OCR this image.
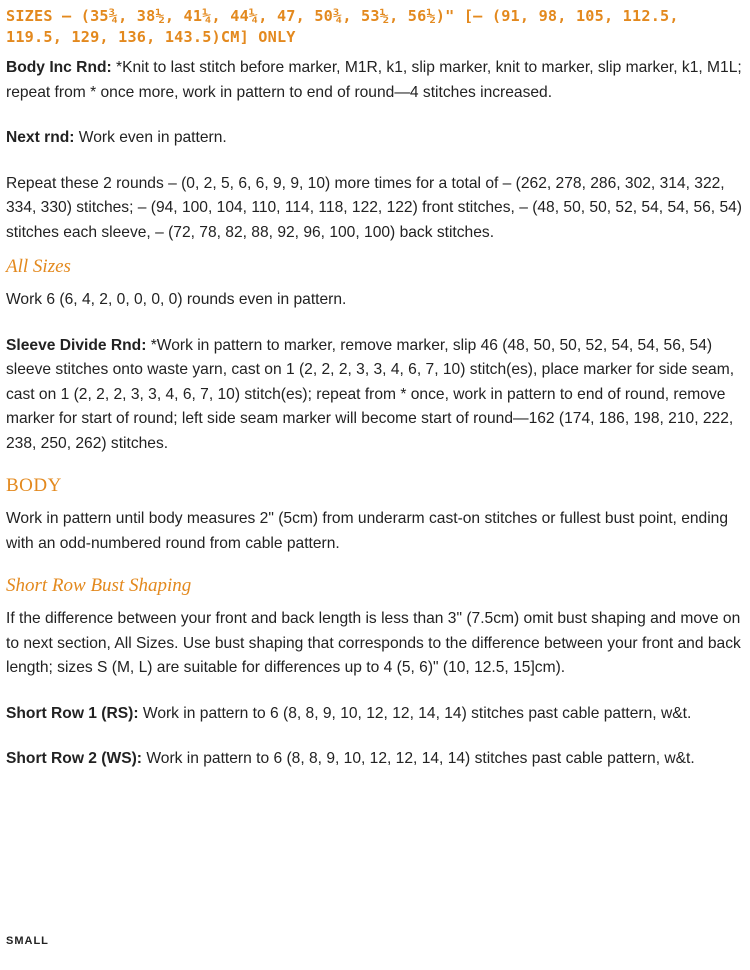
SIZES – (35¾, 38½, 41¼, 44¼, 47, 50¾, 53½, 56½)" [– (91, 98, 105, 112.5, 119.5, 129, 136, 143.5)CM] ONLY

Body Inc Rnd: *Knit to last stitch before marker, M1R, k1, slip marker, knit to marker, slip marker, k1, M1L; repeat from * once more, work in pattern to end of round—4 stitches increased.

Next rnd: Work even in pattern.

Repeat these 2 rounds – (0, 2, 5, 6, 6, 9, 9, 10) more times for a total of – (262, 278, 286, 302, 314, 322, 334, 330) stitches; – (94, 100, 104, 110, 114, 118, 122, 122) front stitches, – (48, 50, 50, 52, 54, 54, 56, 54) stitches each sleeve, – (72, 78, 82, 88, 92, 96, 100, 100) back stitches.

All Sizes

Work 6 (6, 4, 2, 0, 0, 0, 0) rounds even in pattern.

Sleeve Divide Rnd: *Work in pattern to marker, remove marker, slip 46 (48, 50, 50, 52, 54, 54, 56, 54) sleeve stitches onto waste yarn, cast on 1 (2, 2, 2, 3, 3, 4, 6, 7, 10) stitch(es), place marker for side seam, cast on 1 (2, 2, 2, 3, 3, 4, 6, 7, 10) stitch(es); repeat from * once, work in pattern to end of round, remove marker for start of round; left side seam marker will become start of round—162 (174, 186, 198, 210, 222, 238, 250, 262) stitches.

BODY

Work in pattern until body measures 2" (5cm) from underarm cast-on stitches or fullest bust point, ending with an odd-numbered round from cable pattern.

Short Row Bust Shaping

If the difference between your front and back length is less than 3" (7.5cm) omit bust shaping and move on to next section, All Sizes. Use bust shaping that corresponds to the difference between your front and back length; sizes S (M, L) are suitable for differences up to 4 (5, 6)" (10, 12.5, 15]cm).

Short Row 1 (RS): Work in pattern to 6 (8, 8, 9, 10, 12, 12, 14, 14) stitches past cable pattern, w&t.

Short Row 2 (WS): Work in pattern to 6 (8, 8, 9, 10, 12, 12, 14, 14) stitches past cable pattern, w&t.

SMALL
